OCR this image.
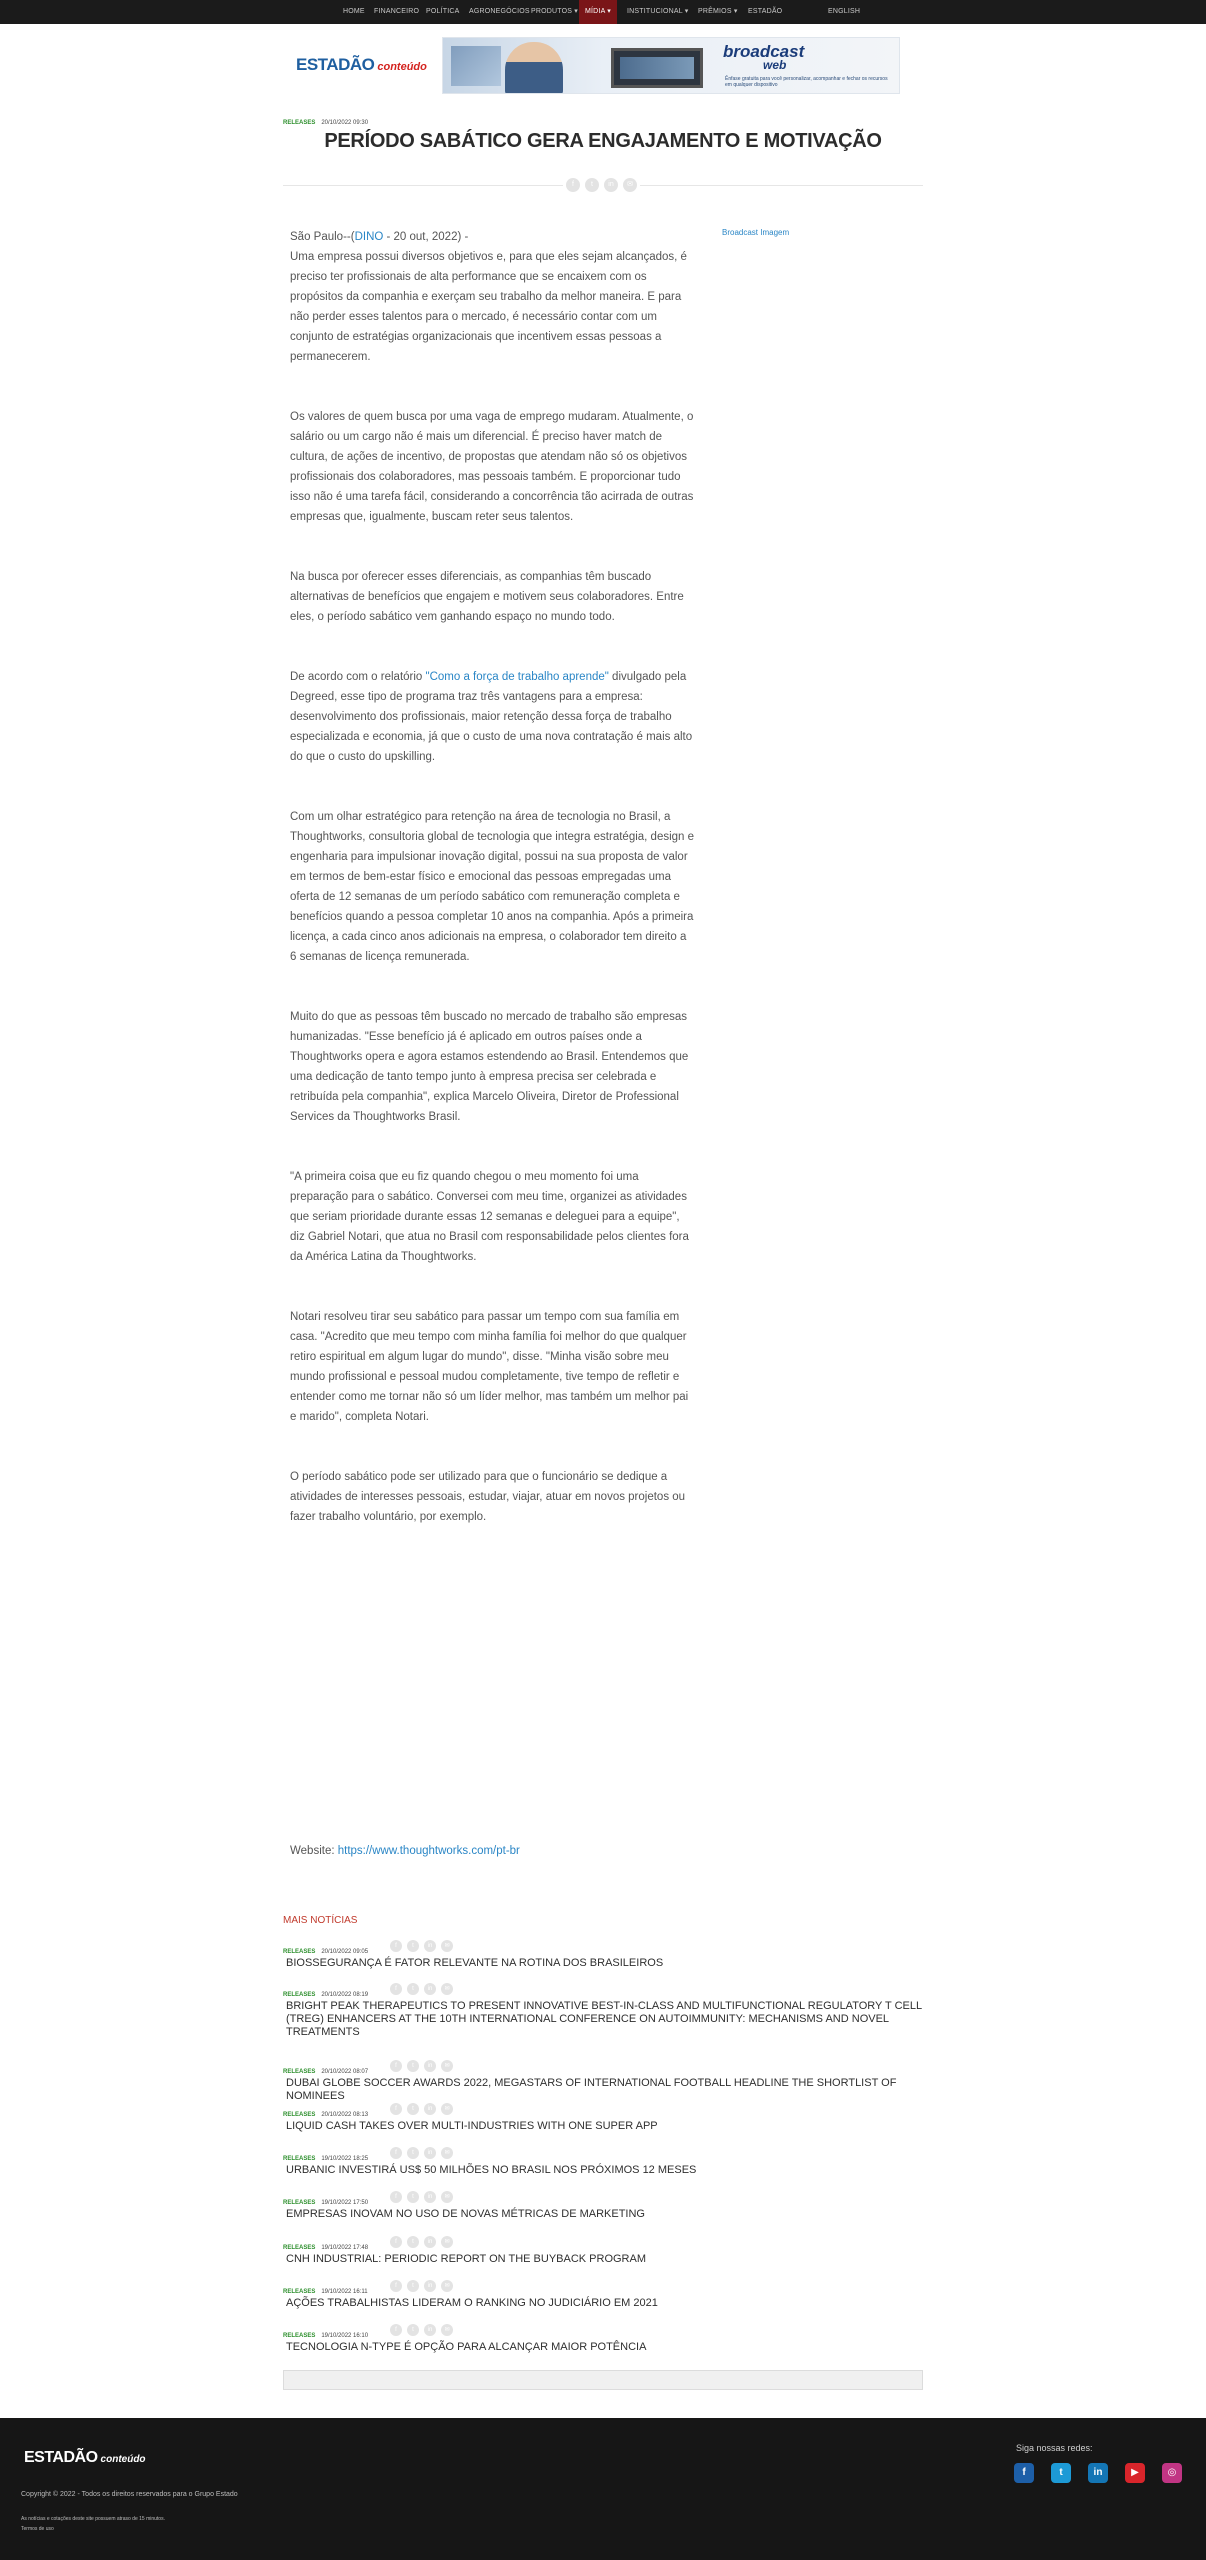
HOME FINANCEIRO POLÍTICA AGRONEGÓCIOS PRODUTOS ▾ MÍDIA ▾	INSTITUCIONAL ▾ PRÊMIOS ▾ ESTADÃO	ENGLISH
ESTADÃO conteúdo
broadcast
web
Ênfase gratuita para você personalizar, acompanhar e fechar os recursos em qualquer dispositivo
RELEASES 20/10/2022 09:30
PERÍODO SABÁTICO GERA ENGAJAMENTO E MOTIVAÇÃO
f	t	in	✉

São Paulo--(DINO - 20 out, 2022) -

Uma empresa possui diversos objetivos e, para que eles sejam alcançados, é preciso ter profissionais de alta performance que se encaixem com os propósitos da companhia e exerçam seu trabalho da melhor maneira. E para não perder esses talentos para o mercado, é necessário contar com um conjunto de estratégias organizacionais que incentivem essas pessoas a permanecerem.

Os valores de quem busca por uma vaga de emprego mudaram. Atualmente, o salário ou um cargo não é mais um diferencial. É preciso haver match de cultura, de ações de incentivo, de propostas que atendam não só os objetivos profissionais dos colaboradores, mas pessoais também. E proporcionar tudo isso não é uma tarefa fácil, considerando a concorrência tão acirrada de outras empresas que, igualmente, buscam reter seus talentos.

Na busca por oferecer esses diferenciais, as companhias têm buscado alternativas de benefícios que engajem e motivem seus colaboradores. Entre eles, o período sabático vem ganhando espaço no mundo todo.

De acordo com o relatório "Como a força de trabalho aprende" divulgado pela Degreed, esse tipo de programa traz três vantagens para a empresa: desenvolvimento dos profissionais, maior retenção dessa força de trabalho especializada e economia, já que o custo de uma nova contratação é mais alto do que o custo do upskilling.

Com um olhar estratégico para retenção na área de tecnologia no Brasil, a Thoughtworks, consultoria global de tecnologia que integra estratégia, design e engenharia para impulsionar inovação digital, possui na sua proposta de valor em termos de bem-estar físico e emocional das pessoas empregadas uma oferta de 12 semanas de um período sabático com remuneração completa e benefícios quando a pessoa completar 10 anos na companhia. Após a primeira licença, a cada cinco anos adicionais na empresa, o colaborador tem direito a 6 semanas de licença remunerada.

Muito do que as pessoas têm buscado no mercado de trabalho são empresas humanizadas. "Esse benefício já é aplicado em outros países onde a Thoughtworks opera e agora estamos estendendo ao Brasil. Entendemos que uma dedicação de tanto tempo junto à empresa precisa ser celebrada e retribuída pela companhia", explica Marcelo Oliveira, Diretor de Professional Services da Thoughtworks Brasil.

"A primeira coisa que eu fiz quando chegou o meu momento foi uma preparação para o sabático. Conversei com meu time, organizei as atividades que seriam prioridade durante essas 12 semanas e deleguei para a equipe", diz Gabriel Notari, que atua no Brasil com responsabilidade pelos clientes fora da América Latina da Thoughtworks.

Notari resolveu tirar seu sabático para passar um tempo com sua família em casa. "Acredito que meu tempo com minha família foi melhor do que qualquer retiro espiritual em algum lugar do mundo", disse. "Minha visão sobre meu mundo profissional e pessoal mudou completamente, tive tempo de refletir e entender como me tornar não só um líder melhor, mas também um melhor pai e marido", completa Notari.

O período sabático pode ser utilizado para que o funcionário se dedique a atividades de interesses pessoais, estudar, viajar, atuar em novos projetos ou fazer trabalho voluntário, por exemplo.

Broadcast Imagem
Website: https://www.thoughtworks.com/pt-br
MAIS NOTÍCIAS
RELEASES 20/10/2022 09:05
f	t	in	✉
BIOSSEGURANÇA É FATOR RELEVANTE NA ROTINA DOS BRASILEIROS
RELEASES 20/10/2022 08:19
f	t	in	✉
BRIGHT PEAK THERAPEUTICS TO PRESENT INNOVATIVE BEST-IN-CLASS AND MULTIFUNCTIONAL REGULATORY T CELL (TREG) ENHANCERS AT THE 10TH INTERNATIONAL CONFERENCE ON AUTOIMMUNITY: MECHANISMS AND NOVEL TREATMENTS
RELEASES 20/10/2022 08:07
f	t	in	✉
DUBAI GLOBE SOCCER AWARDS 2022, MEGASTARS OF INTERNATIONAL FOOTBALL HEADLINE THE SHORTLIST OF NOMINEES
RELEASES 20/10/2022 08:13
f	t	in	✉
LIQUID CASH TAKES OVER MULTI-INDUSTRIES WITH ONE SUPER APP
RELEASES 19/10/2022 18:25
f	t	in	✉
URBANIC INVESTIRÁ US$ 50 MILHÕES NO BRASIL NOS PRÓXIMOS 12 MESES
RELEASES 19/10/2022 17:50
f	t	in	✉
EMPRESAS INOVAM NO USO DE NOVAS MÉTRICAS DE MARKETING
RELEASES 19/10/2022 17:48
f	t	in	✉
CNH INDUSTRIAL: PERIODIC REPORT ON THE BUYBACK PROGRAM
RELEASES 19/10/2022 16:11
f	t	in	✉
AÇÕES TRABALHISTAS LIDERAM O RANKING NO JUDICIÁRIO EM 2021
RELEASES 19/10/2022 16:10
f	t	in	✉
TECNOLOGIA N-TYPE É OPÇÃO PARA ALCANÇAR MAIOR POTÊNCIA
ESTADÃO conteúdo
Copyright © 2022 - Todos os direitos reservados para o Grupo Estado
As notícias e cotações deste site possuem atraso de 15 minutos.
Termos de uso
Siga nossas redes:
f	t	in	▶	◎
